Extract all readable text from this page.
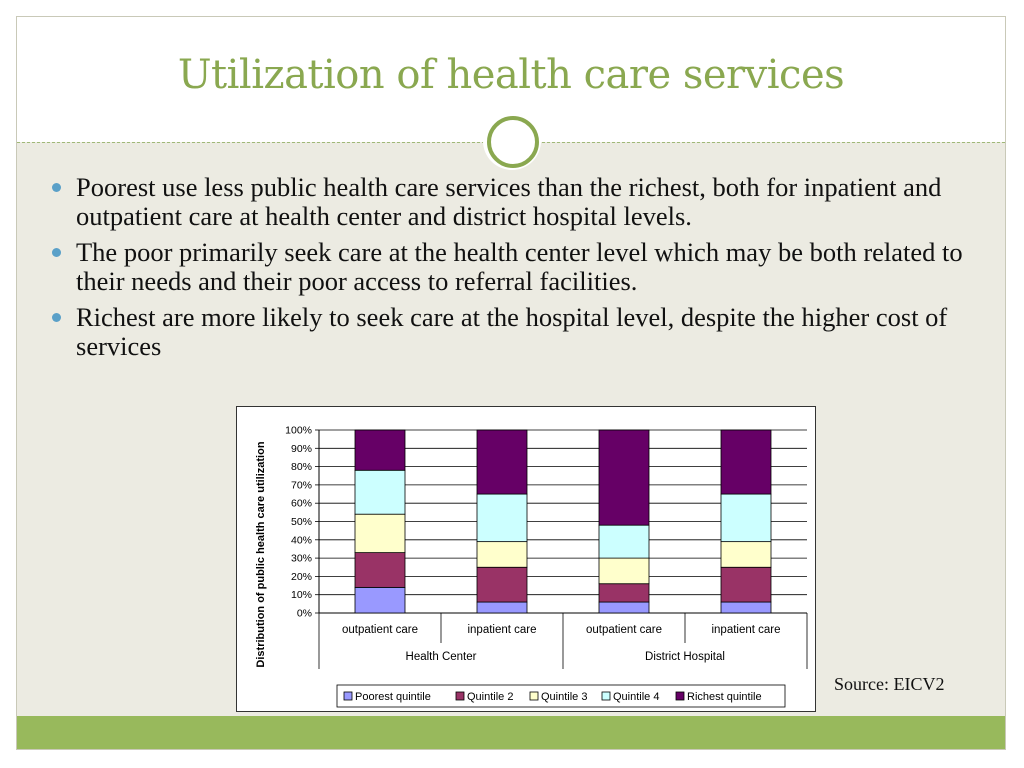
Utilization of health care services
Poorest use less public health care services than the richest, both for inpatient and outpatient care at health center and district hospital levels.
The poor primarily seek care at the health center level which may be both related to their needs and their poor access to referral facilities.
Richest are more likely to seek care at the hospital level, despite the higher cost of services
0%
10%
20%
30%
40%
50%
60%
70%
80%
90%
100%
outpatient care	inpatient care	outpatient care	inpatient care
Health Center	District Hospital
Distribution of public health care utilization
Poorest quintile	Quintile 2	Quintile 3 Quintile 4	Richest quintile
Source: EICV2
